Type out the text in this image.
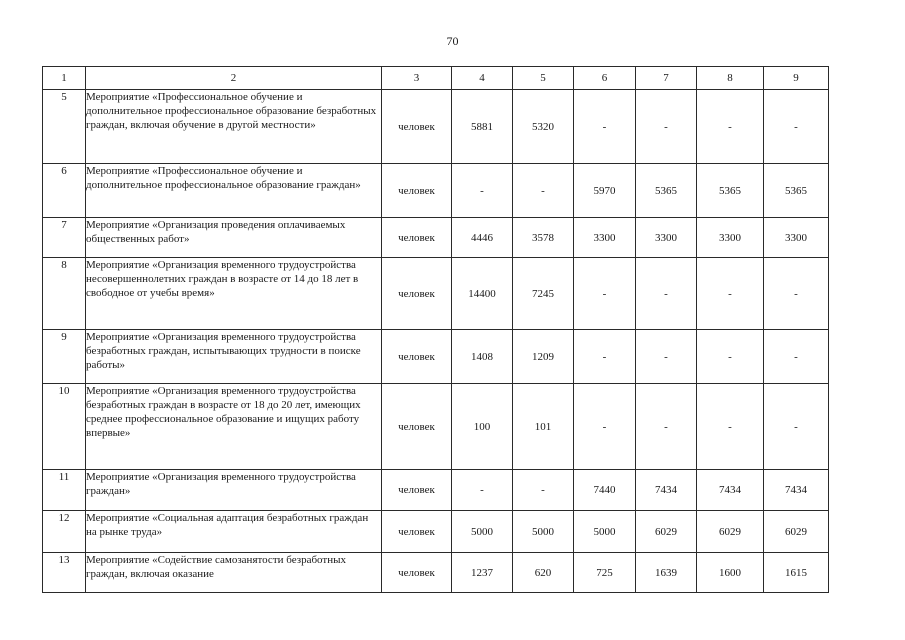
70
1	2	3	4	5	6	7	8	9
5	Мероприятие «Профессиональное обучение и дополнительное профессиональное образование безработных граждан, включая обучение в другой местности»	человек	5881	5320	-	-	-	-
6	Мероприятие «Профессиональное обучение и дополнительное профессиональное образование граждан»	человек	-	-	5970	5365	5365	5365
7	Мероприятие «Организация проведения оплачиваемых общественных работ»	человек	4446	3578	3300	3300	3300	3300
8	Мероприятие «Организация временного трудоустройства несовершеннолетних граждан в возрасте от 14 до 18 лет в свободное от учебы время»	человек	14400	7245	-	-	-	-
9	Мероприятие «Организация временного трудоустройства безработных граждан, испытывающих трудности в поиске работы»	человек	1408	1209	-	-	-	-
10	Мероприятие «Организация временного трудоустройства безработных граждан в возрасте от 18 до 20 лет, имеющих среднее профессиональное образование и ищущих работу впервые»	человек	100	101	-	-	-	-
11	Мероприятие «Организация временного трудоустройства граждан»	человек	-	-	7440	7434	7434	7434
12	Мероприятие «Социальная адаптация безработных граждан на рынке труда»	человек	5000	5000	5000	6029	6029	6029
13	Мероприятие «Содействие самозанятости безработных граждан, включая оказание	человек	1237	620	725	1639	1600	1615
